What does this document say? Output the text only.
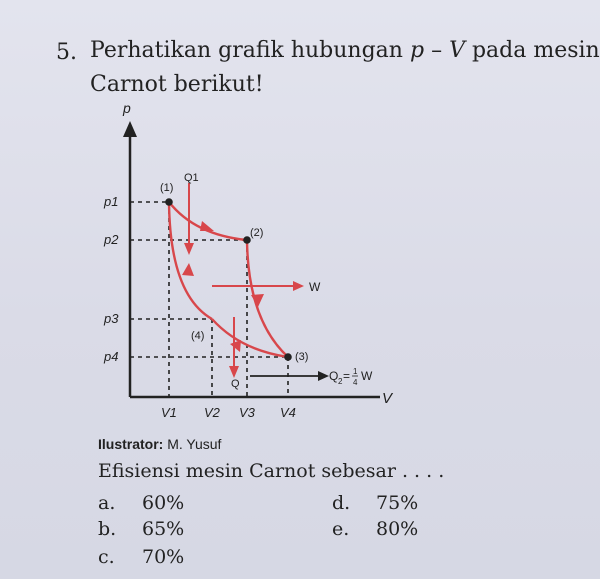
5. Perhatikan grafik hubungan p – V pada mesin
Carnot berikut!
p
V
(1)
(2)
(3)
(4)
Q1
W
Q 2 = 1
4 W
Q
p1
p2
p3
p4
V1 V2 V3 V4
Ilustrator: M. Yusuf
Efisiensi mesin Carnot sebesar . . . .
a. 60%
b. 65%
c. 70%
d. 75%
e. 80%
